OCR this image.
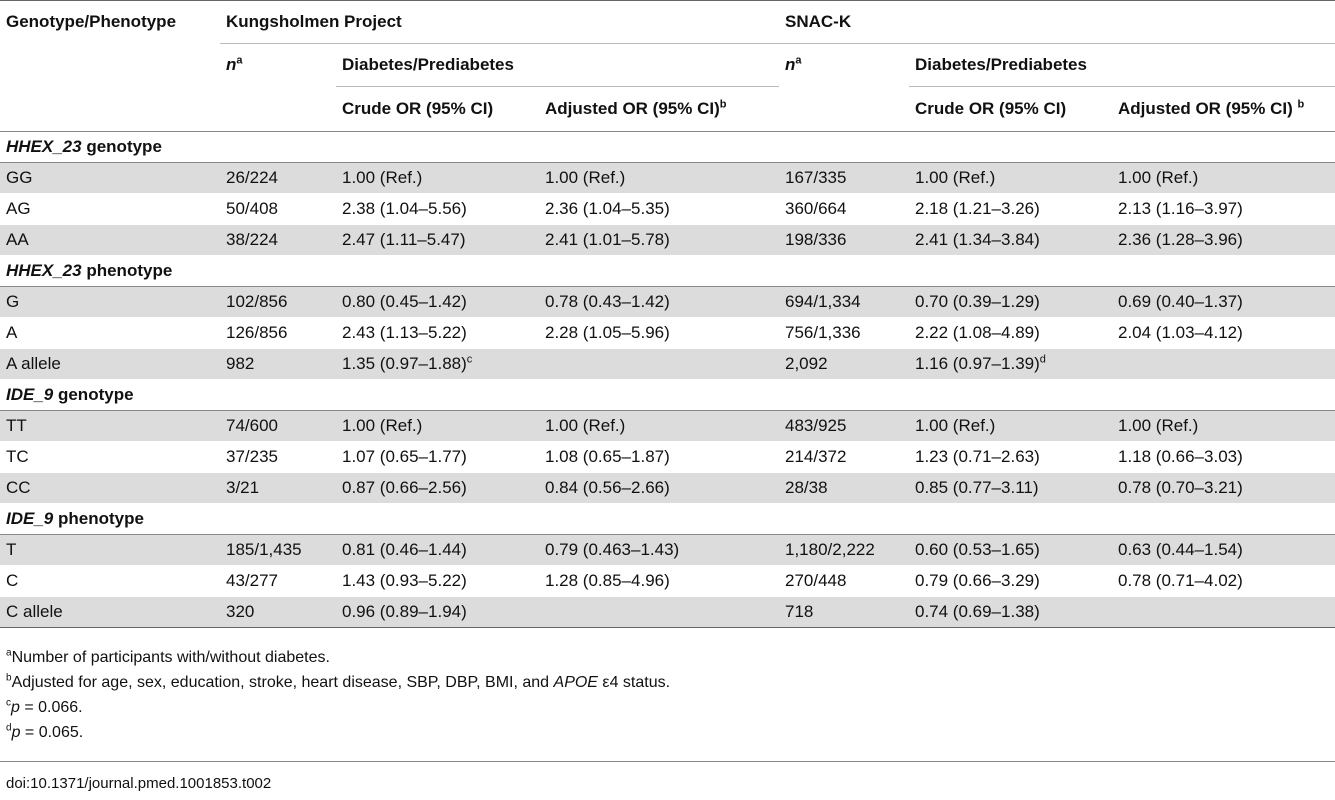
Genotype/Phenotype	Kungsholmen Project			SNAC-K		
	$n^a$	Diabetes/Prediabetes		$n^a$	Diabetes/Prediabetes	
		Crude OR (95% CI)	Adjusted OR (95% CI)$^b$		Crude OR (95% CI)	Adjusted OR (95% CI) $^b$
HHEX_23 genotype						
GG	26/224	1.00 (Ref.)	1.00 (Ref.)	167/335	1.00 (Ref.)	1.00 (Ref.)
AG	50/408	2.38 (1.04–5.56)	2.36 (1.04–5.35)	360/664	2.18 (1.21–3.26)	2.13 (1.16–3.97)
AA	38/224	2.47 (1.11–5.47)	2.41 (1.01–5.78)	198/336	2.41 (1.34–3.84)	2.36 (1.28–3.96)
HHEX_23 phenotype						
G	102/856	0.80 (0.45–1.42)	0.78 (0.43–1.42)	694/1,334	0.70 (0.39–1.29)	0.69 (0.40–1.37)
A	126/856	2.43 (1.13–5.22)	2.28 (1.05–5.96)	756/1,336	2.22 (1.08–4.89)	2.04 (1.03–4.12)
A allele	982	1.35 $(0.97-1.88)^c$		2,092	1.16 $(0.97-1.39)^d$	
IDE_9 genotype						
TT	74/600	1.00 (Ref.)	1.00 (Ref.)	483/925	1.00 (Ref.)	1.00 (Ref.)
TC	37/235	1.07 (0.65–1.77)	1.08 (0.65–1.87)	214/372	1.23 (0.71–2.63)	1.18 (0.66–3.03)
CC	3/21	0.87 (0.66–2.56)	0.84 (0.56–2.66)	28/38	0.85 (0.77–3.11)	0.78 (0.70–3.21)
IDE_9 phenotype						
T	185/1,435	0.81 (0.46–1.44)	0.79 (0.463–1.43)	1,180/2,222	0.60 (0.53–1.65)	0.63 (0.44–1.54)
C	43/277	1.43 (0.93–5.22)	1.28 (0.85–4.96)	270/448	0.79 (0.66–3.29)	0.78 (0.71–4.02)
C allele	320	0.96 (0.89–1.94)		718	0.74 (0.69–1.38)	
$^a$Number of participants with/without diabetes.
$^b$Adjusted for age, sex, education, stroke, heart disease, SBP, DBP, BMI, and APOE ε4 status.
$^c$p = 0.066.
$^d$p = 0.065.
doi:10.1371/journal.pmed.1001853.t002
